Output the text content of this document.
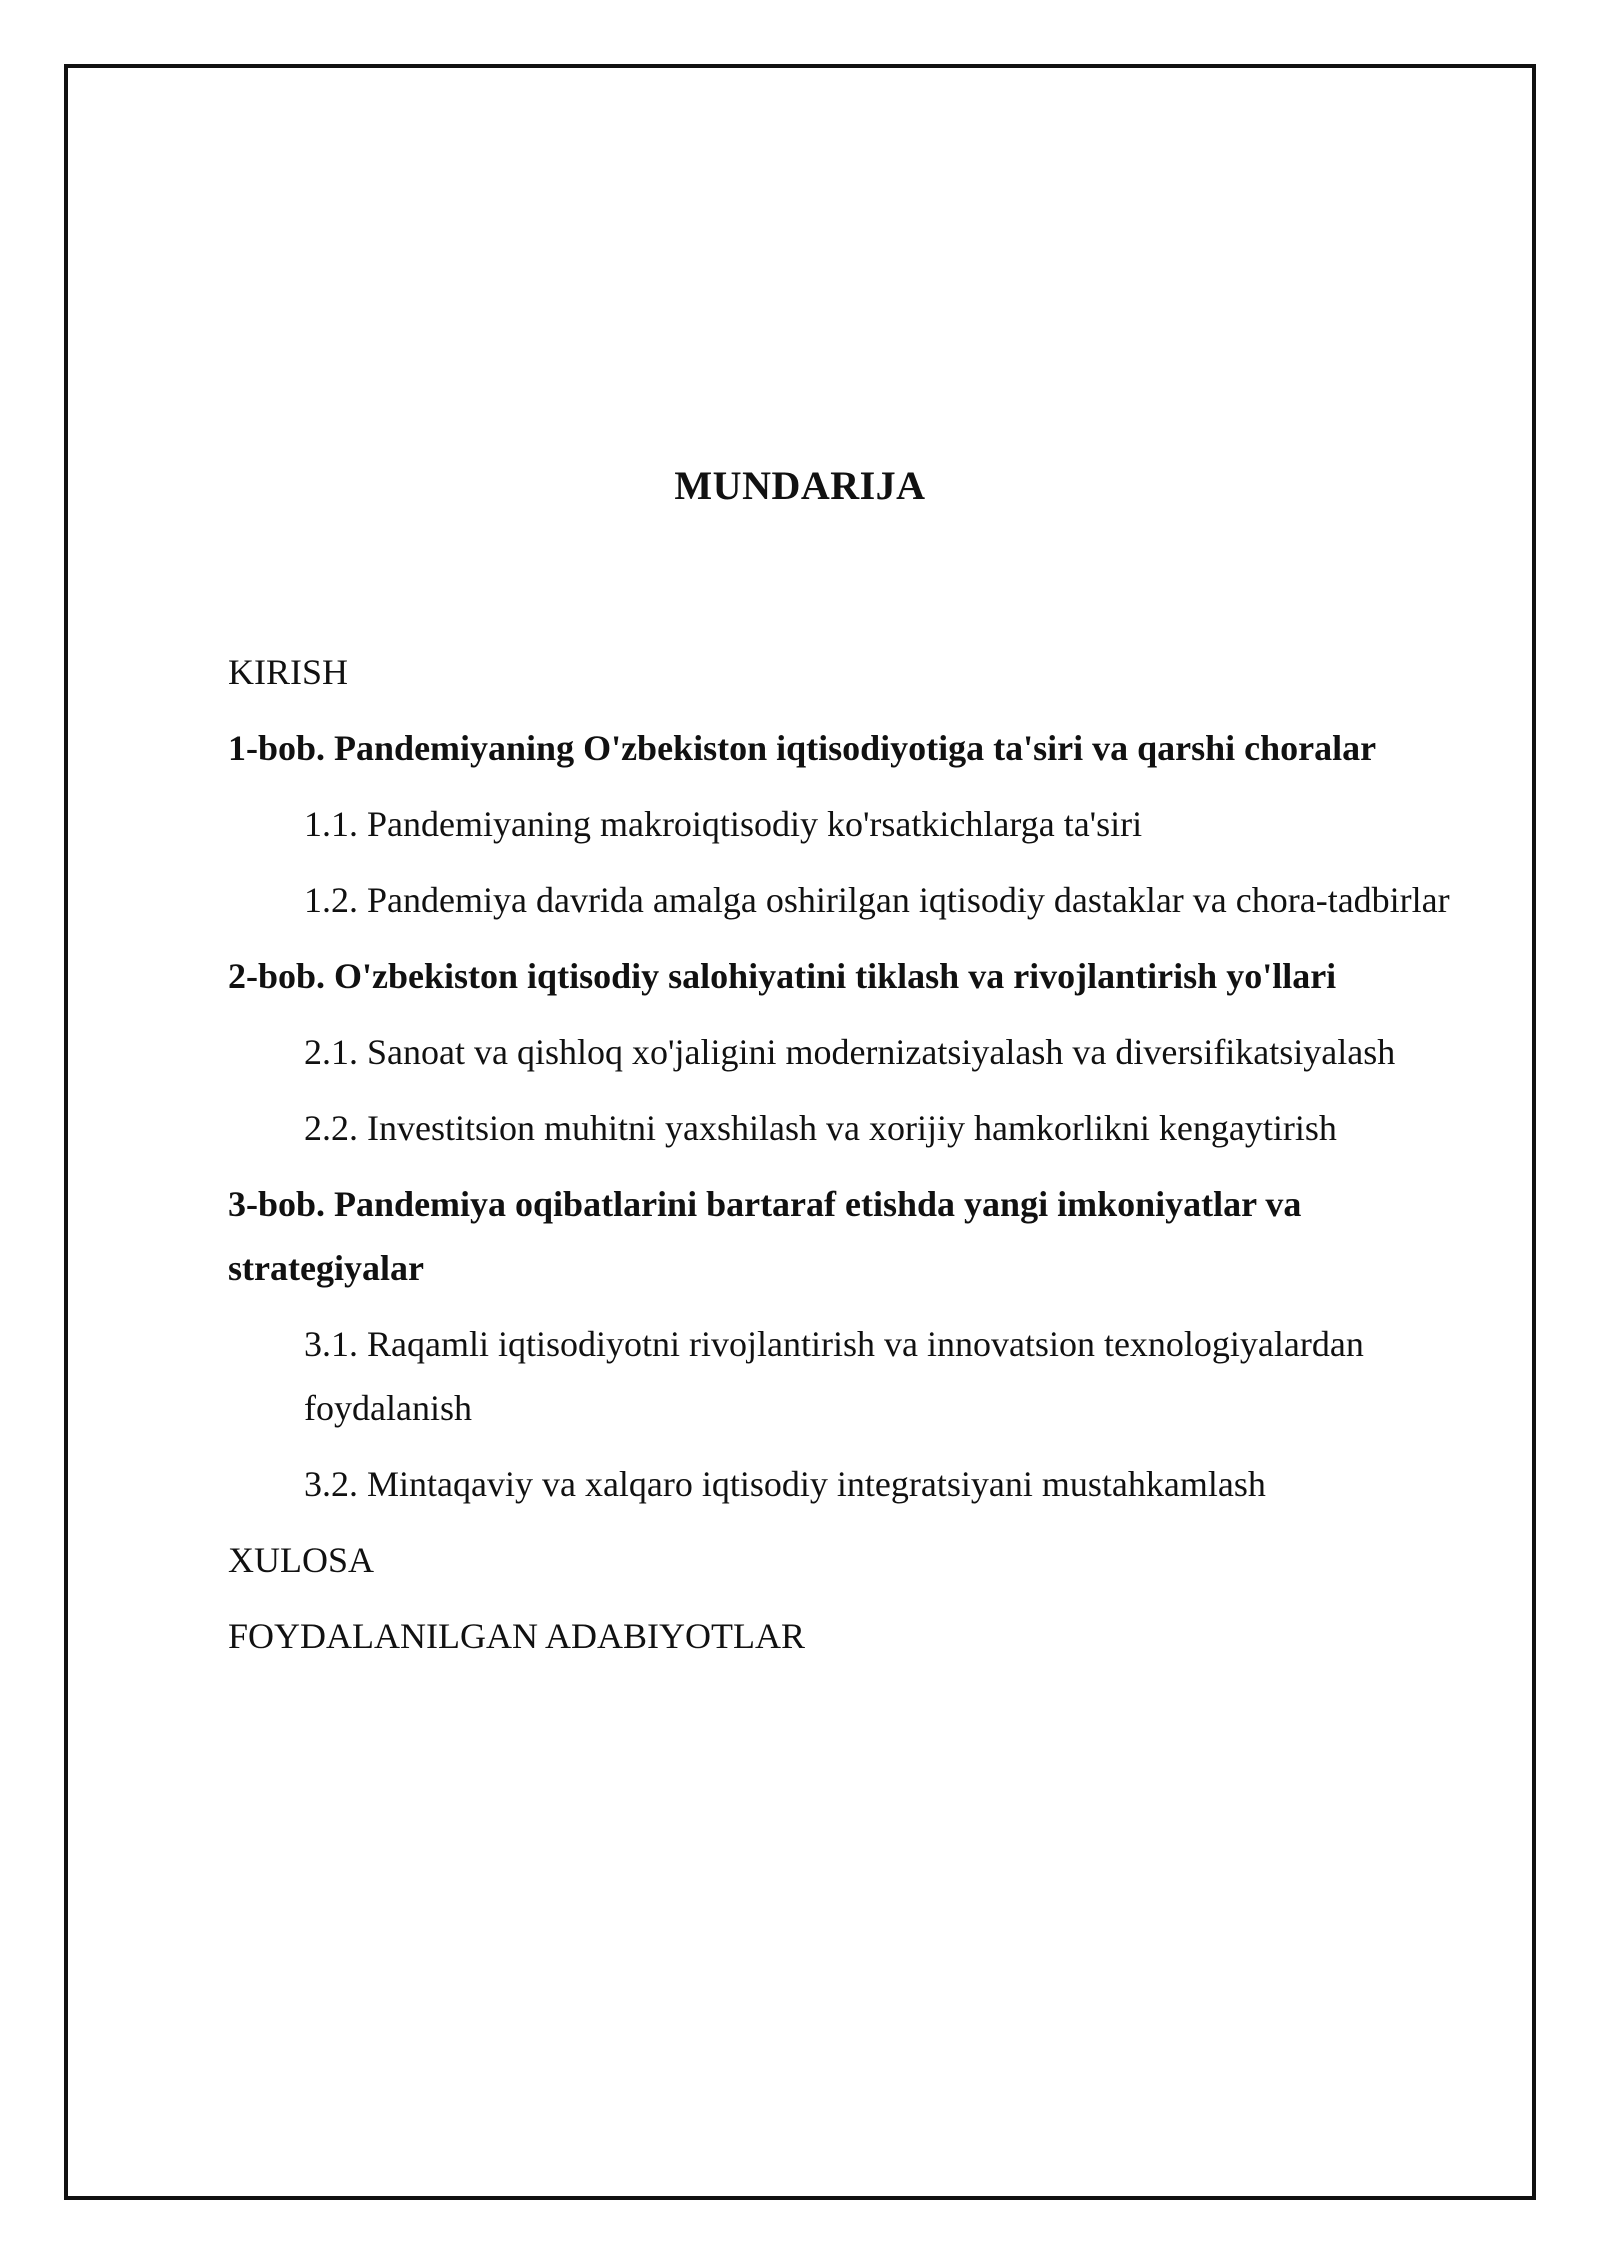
MUNDARIJA

KIRISH

1-bob. Pandemiyaning O'zbekiston iqtisodiyotiga ta'siri va qarshi choralar

1.1. Pandemiyaning makroiqtisodiy ko'rsatkichlarga ta'siri

1.2. Pandemiya davrida amalga oshirilgan iqtisodiy dastaklar va chora-tadbirlar

2-bob. O'zbekiston iqtisodiy salohiyatini tiklash va rivojlantirish yo'llari

2.1. Sanoat va qishloq xo'jaligini modernizatsiyalash va diversifikatsiyalash

2.2. Investitsion muhitni yaxshilash va xorijiy hamkorlikni kengaytirish

3-bob. Pandemiya oqibatlarini bartaraf etishda yangi imkoniyatlar va strategiyalar

3.1. Raqamli iqtisodiyotni rivojlantirish va innovatsion texnologiyalardan foydalanish

3.2. Mintaqaviy va xalqaro iqtisodiy integratsiyani mustahkamlash

XULOSA

FOYDALANILGAN ADABIYOTLAR
